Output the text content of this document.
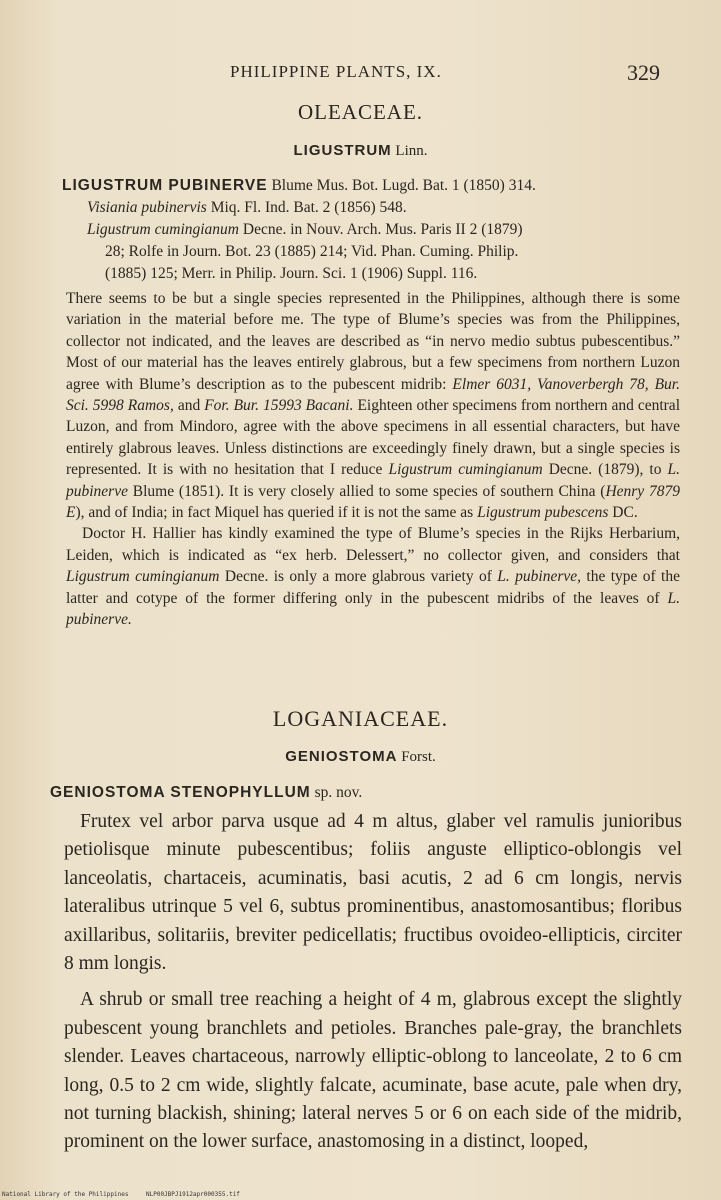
PHILIPPINE PLANTS, IX.	329
OLEACEAE.
LIGUSTRUM Linn.
LIGUSTRUM PUBINERVE Blume Mus. Bot. Lugd. Bat. 1 (1850) 314.
Visiania pubinervis Miq. Fl. Ind. Bat. 2 (1856) 548.
Ligustrum cumingianum Decne. in Nouv. Arch. Mus. Paris II 2 (1879)
28; Rolfe in Journ. Bot. 23 (1885) 214; Vid. Phan. Cuming. Philip.
(1885) 125; Merr. in Philip. Journ. Sci. 1 (1906) Suppl. 116.

There seems to be but a single species represented in the Philippines, although there is some variation in the material before me. The type of Blume’s species was from the Philippines, collector not indicated, and the leaves are described as “in nervo medio subtus pubescentibus.” Most of our material has the leaves entirely glabrous, but a few specimens from northern Luzon agree with Blume’s description as to the pubescent midrib: Elmer 6031, Vanoverbergh 78, Bur. Sci. 5998 Ramos, and For. Bur. 15993 Bacani. Eighteen other specimens from northern and central Luzon, and from Mindoro, agree with the above specimens in all essential characters, but have entirely glabrous leaves. Unless distinctions are exceedingly finely drawn, but a single species is represented. It is with no hesitation that I reduce Ligustrum cumingianum Decne. (1879), to L. pubinerve Blume (1851). It is very closely allied to some species of southern China (Henry 7879 E), and of India; in fact Miquel has queried if it is not the same as Ligustrum pubescens DC.

Doctor H. Hallier has kindly examined the type of Blume’s species in the Rijks Herbarium, Leiden, which is indicated as “ex herb. Delessert,” no collector given, and considers that Ligustrum cumingianum Decne. is only a more glabrous variety of L. pubinerve, the type of the latter and cotype of the former differing only in the pubescent midribs of the leaves of L. pubinerve.

LOGANIACEAE.
GENIOSTOMA Forst.
GENIOSTOMA STENOPHYLLUM sp. nov.

Frutex vel arbor parva usque ad 4 m altus, glaber vel ramulis junioribus petiolisque minute pubescentibus; foliis anguste elliptico-oblongis vel lanceolatis, chartaceis, acuminatis, basi acutis, 2 ad 6 cm longis, nervis lateralibus utrinque 5 vel 6, subtus prominentibus, anastomosantibus; floribus axillaribus, solitariis, breviter pedicellatis; fructibus ovoideo-ellipticis, circiter 8 mm longis.

A shrub or small tree reaching a height of 4 m, glabrous except the slightly pubescent young branchlets and petioles. Branches pale-gray, the branchlets slender. Leaves chartaceous, narrowly elliptic-oblong to lanceolate, 2 to 6 cm long, 0.5 to 2 cm wide, slightly falcate, acuminate, base acute, pale when dry, not turning blackish, shining; lateral nerves 5 or 6 on each side of the midrib, prominent on the lower surface, anastomosing in a distinct, looped,

National Library of the Philippines	NLP00JBPJ1912apr000355.tif
